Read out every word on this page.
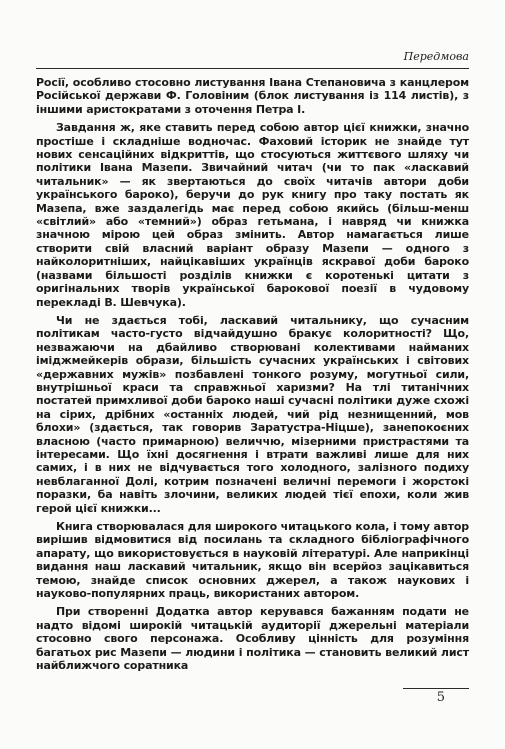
Передмова

Росії, особливо стосовно листування Івана Степановича з канцлером Російської держави Ф. Головіним (блок листування із 114 листів), з іншими аристократами з оточення Петра І.

Завдання ж, яке ставить перед собою автор цієї книжки, значно простіше і складніше водночас. Фаховий історик не знайде тут нових сенсаційних відкриттів, що стосуються життєвого шляху чи політики Івана Мазепи. Звичайний читач (чи то пак «ласкавий читальник» — як звертаються до своїх читачів автори доби українського бароко), беручи до рук книгу про таку постать як Мазепа, вже заздалегідь має перед собою якийсь (більш-менш «світлий» або «темний») образ гетьмана, і навряд чи книжка значною мірою цей образ змінить. Автор намагається лише створити свій власний варіант образу Мазепи — одного з найколоритніших, найцікавіших українців яскравої доби бароко (назвами більшості розділів книжки є коротенькі цитати з оригінальних творів української барокової поезії в чудовому перекладі В. Шевчука).

Чи не здається тобі, ласкавий читальнику, що сучасним політикам часто-густо відчайдушно бракує колоритності? Що, незважаючи на дбайливо створювані колективами найманих іміджмейкерів образи, більшість сучасних українських і світових «державних мужів» позбавлені тонкого розуму, могутньої сили, внутрішньої краси та справжньої харизми? На тлі титанічних постатей примхливої доби бароко наші сучасні політики дуже схожі на сірих, дрібних «останніх людей, чий рід незнищенний, мов блохи» (здається, так говорив Заратустра-Ніцше), занепокоєних власною (часто примарною) величчю, мізерними пристрастями та інтересами. Що їхні досягнення і втрати важливі лише для них самих, і в них не відчувається того холодного, залізного подиху невблаганної Долі, котрим позначені величні перемоги і жорстокі поразки, ба навіть злочини, великих людей тієї епохи, коли жив герой цієї книжки...

Книга створювалася для широкого читацького кола, і тому автор вирішив відмовитися від посилань та складного бібліографічного апарату, що використовується в науковій літературі. Але наприкінці видання наш ласкавий читальник, якщо він всерйоз зацікавиться темою, знайде список основних джерел, а також наукових і науково-популярних праць, використаних автором.

При створенні Додатка автор керувався бажанням подати не надто відомі широкій читацькій аудиторії джерельні матеріали стосовно свого персонажа. Особливу цінність для розуміння багатьох рис Мазепи — людини і політика — становить великий лист найближчого соратника

5
